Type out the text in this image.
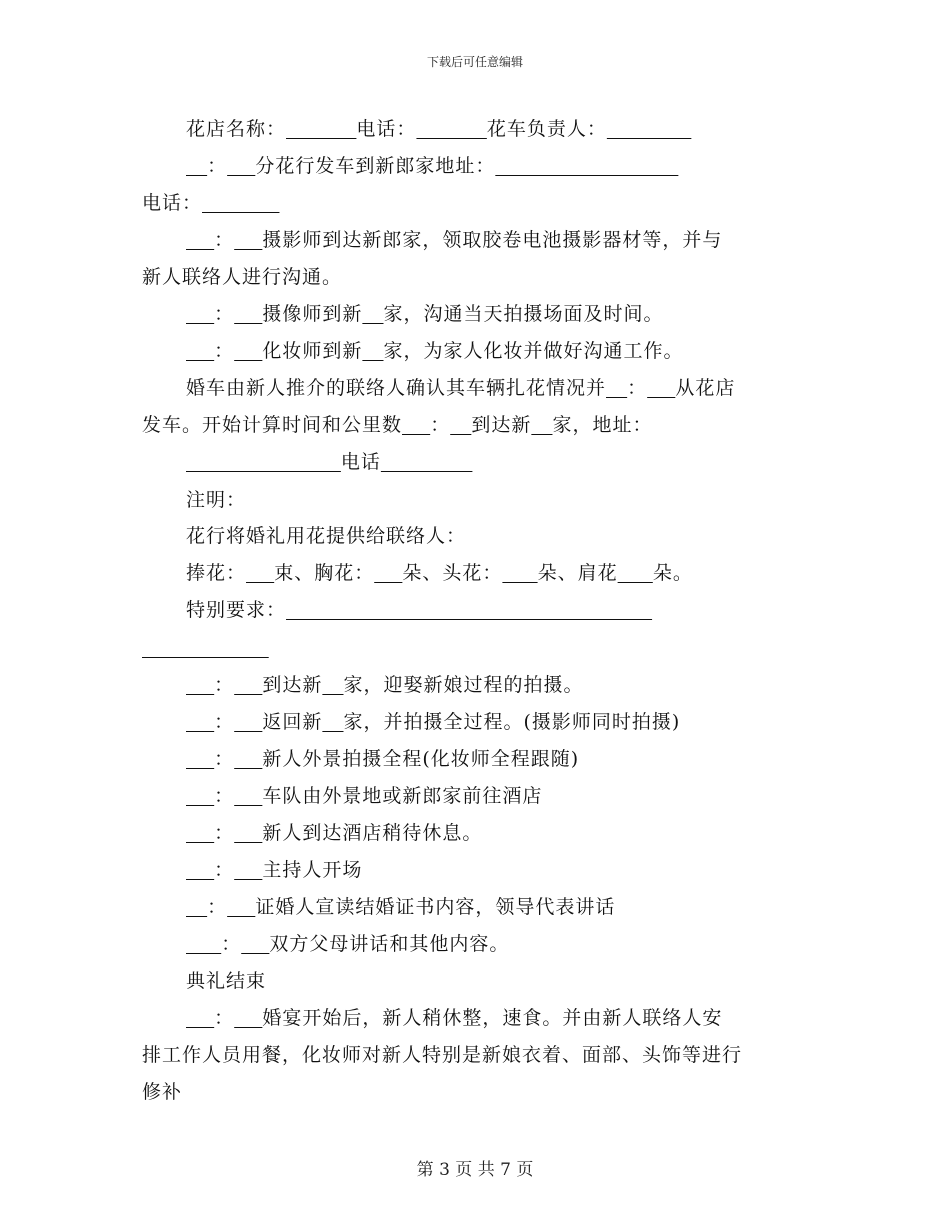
下载后可任意编辑
花店名称：	电话：	花车负责人：
： 分花行发车到新郎家地址：
电话：
： 摄影师到达新郎家，领取胶卷电池摄影器材等，并与
新人联络人进行沟通。
： 摄像师到新 家，沟通当天拍摄场面及时间。
： 化妆师到新 家，为家人化妆并做好沟通工作。
婚车由新人推介的联络人确认其车辆扎花情况并 ： 从花店
发车。开始计算时间和公里数 ： 到达新 家，地址：
电话
注明：
花行将婚礼用花提供给联络人：
捧花： 束、胸花： 朵、头花： 朵、肩花 朵。
特别要求：

： 到达新 家，迎娶新娘过程的拍摄。
： 返回新 家，并拍摄全过程。(摄影师同时拍摄)
： 新人外景拍摄全程(化妆师全程跟随)
： 车队由外景地或新郎家前往酒店
： 新人到达酒店稍待休息。
： 主持人开场
： 证婚人宣读结婚证书内容，领导代表讲话
： 双方父母讲话和其他内容。
典礼结束
： 婚宴开始后，新人稍休整，速食。并由新人联络人安
排工作人员用餐，化妆师对新人特别是新娘衣着、面部、头饰等进行
修补
第 3 页 共 7 页
